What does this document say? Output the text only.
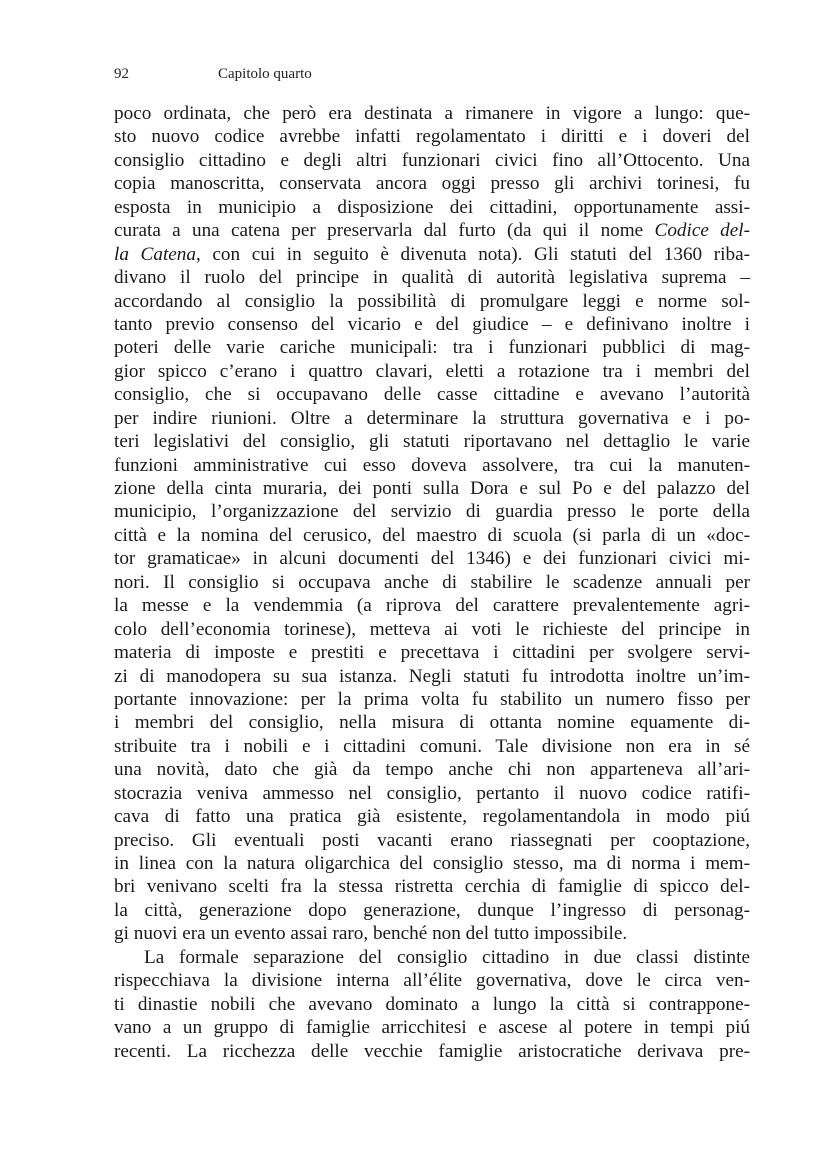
92	Capitolo quarto
poco ordinata, che però era destinata a rimanere in vigore a lungo: que-
sto nuovo codice avrebbe infatti regolamentato i diritti e i doveri del
consiglio cittadino e degli altri funzionari civici fino all’Ottocento. Una
copia manoscritta, conservata ancora oggi presso gli archivi torinesi, fu
esposta in municipio a disposizione dei cittadini, opportunamente assi-
curata a una catena per preservarla dal furto (da qui il nome Codice del-
la Catena, con cui in seguito è divenuta nota). Gli statuti del 1360 riba-
divano il ruolo del principe in qualità di autorità legislativa suprema –
accordando al consiglio la possibilità di promulgare leggi e norme sol-
tanto previo consenso del vicario e del giudice – e definivano inoltre i
poteri delle varie cariche municipali: tra i funzionari pubblici di mag-
gior spicco c’erano i quattro clavari, eletti a rotazione tra i membri del
consiglio, che si occupavano delle casse cittadine e avevano l’autorità
per indire riunioni. Oltre a determinare la struttura governativa e i po-
teri legislativi del consiglio, gli statuti riportavano nel dettaglio le varie
funzioni amministrative cui esso doveva assolvere, tra cui la manuten-
zione della cinta muraria, dei ponti sulla Dora e sul Po e del palazzo del
municipio, l’organizzazione del servizio di guardia presso le porte della
città e la nomina del cerusico, del maestro di scuola (si parla di un «doc-
tor gramaticae» in alcuni documenti del 1346) e dei funzionari civici mi-
nori. Il consiglio si occupava anche di stabilire le scadenze annuali per
la messe e la vendemmia (a riprova del carattere prevalentemente agri-
colo dell’economia torinese), metteva ai voti le richieste del principe in
materia di imposte e prestiti e precettava i cittadini per svolgere servi-
zi di manodopera su sua istanza. Negli statuti fu introdotta inoltre un’im-
portante innovazione: per la prima volta fu stabilito un numero fisso per
i membri del consiglio, nella misura di ottanta nomine equamente di-
stribuite tra i nobili e i cittadini comuni. Tale divisione non era in sé
una novità, dato che già da tempo anche chi non apparteneva all’ari-
stocrazia veniva ammesso nel consiglio, pertanto il nuovo codice ratifi-
cava di fatto una pratica già esistente, regolamentandola in modo piú
preciso. Gli eventuali posti vacanti erano riassegnati per cooptazione,
in linea con la natura oligarchica del consiglio stesso, ma di norma i mem-
bri venivano scelti fra la stessa ristretta cerchia di famiglie di spicco del-
la città, generazione dopo generazione, dunque l’ingresso di personag-
gi nuovi era un evento assai raro, benché non del tutto impossibile.
La formale separazione del consiglio cittadino in due classi distinte
rispecchiava la divisione interna all’élite governativa, dove le circa ven-
ti dinastie nobili che avevano dominato a lungo la città si contrappone-
vano a un gruppo di famiglie arricchitesi e ascese al potere in tempi piú
recenti. La ricchezza delle vecchie famiglie aristocratiche derivava pre-
